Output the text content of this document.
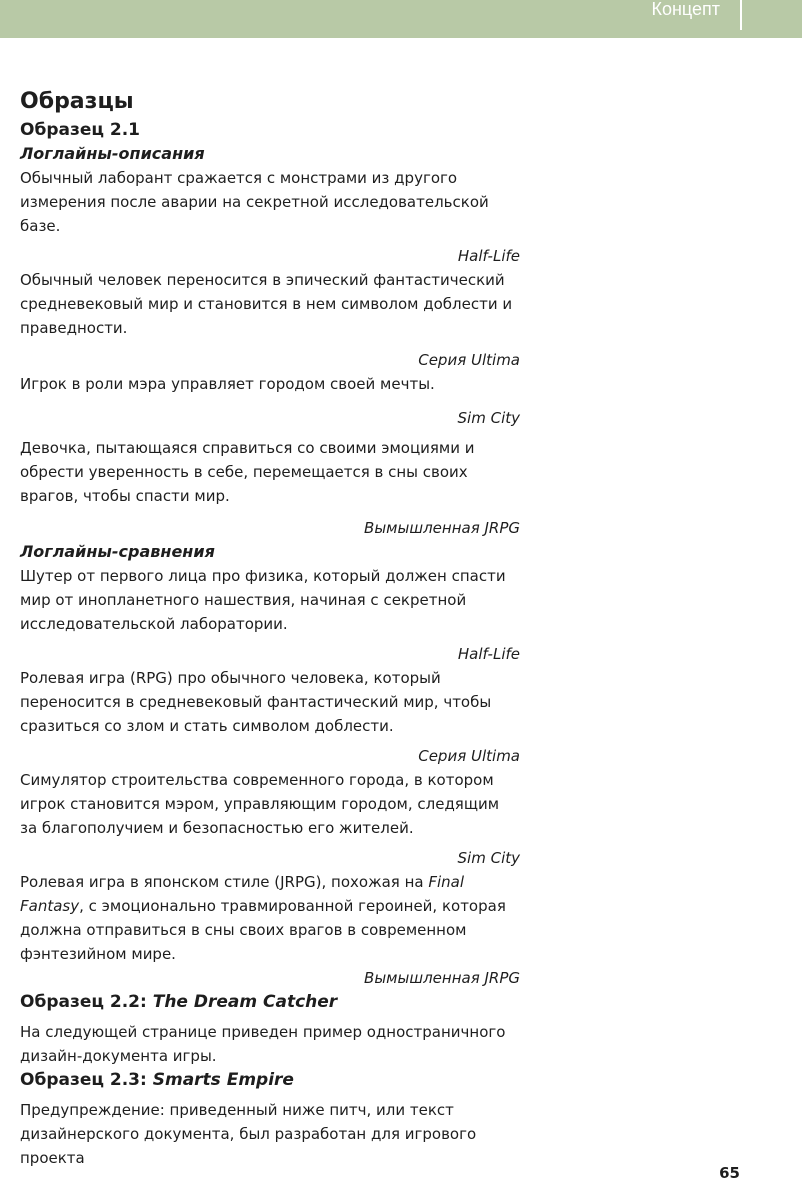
Концепт
Образцы
Образец 2.1
Логлайны-описания

Обычный лаборант сражается с монстрами из другого измерения после аварии на секретной исследовательской базе.

Half-Life

Обычный человек переносится в эпический фантастический средневековый мир и становится в нем символом доблести и праведности.

Серия Ultima

Игрок в роли мэра управляет городом своей мечты.

Sim City

Девочка, пытающаяся справиться со своими эмоциями и обрести уверенность в себе, перемещается в сны своих врагов, чтобы спасти мир.

Вымышленная JRPG
Логлайны-сравнения

Шутер от первого лица про физика, который должен спасти мир от инопланетного нашествия, начиная с секретной исследовательской лаборатории.

Half-Life

Ролевая игра (RPG) про обычного человека, который переносится в средневековый фантастический мир, чтобы сразиться со злом и стать символом доблести.

Серия Ultima

Симулятор строительства современного города, в котором игрок становится мэром, управляющим городом, следящим за благополучием и безопасностью его жителей.

Sim City

Ролевая игра в японском стиле (JRPG), похожая на Final Fantasy, с эмоционально травмированной героиней, которая должна отправиться в сны своих врагов в современном фэнтезийном мире.

Вымышленная JRPG
Образец 2.2: The Dream Catcher

На следующей странице приведен пример одностраничного дизайн-документа игры.

Образец 2.3: Smarts Empire

Предупреждение: приведенный ниже питч, или текст дизайнерского документа, был разработан для игрового проекта

65
